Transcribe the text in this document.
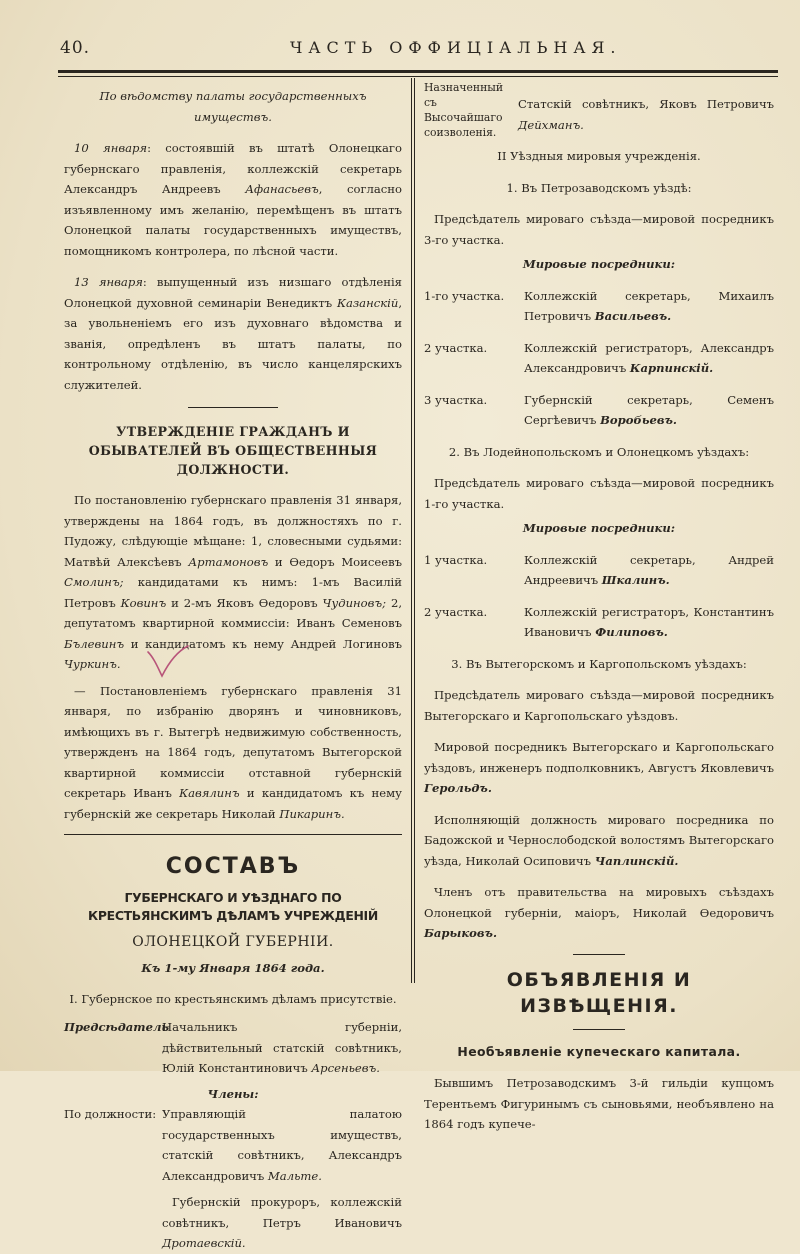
40.	ЧАСТЬ ОФФИЦIАЛЬНАЯ.

По вѣдомству палаты государственныхъ имуществъ.

10 января: состоявшiй въ штатѣ Олонецкаго губернскаго правленiя, коллежскiй секретарь Александръ Андреевъ Афанасьевъ, согласно изъявленному имъ желанiю, перемѣщенъ въ штатъ Олонецкой палаты государственныхъ имуществъ, помощникомъ контролера, по лѣсной части.

13 января: выпущенный изъ низшаго отдѣленiя Олонецкой духовной семинарiи Венедиктъ Казанскiй, за увольненiемъ его изъ духовнаго вѣдомства и званiя, опредѣленъ въ штатъ палаты, по контрольному отдѣленiю, въ число канцелярскихъ служителей.

УТВЕРЖДЕНIЕ ГРАЖДАНЪ И ОБЫВАТЕЛЕЙ ВЪ ОБЩЕСТВЕННЫЯ ДОЛЖНОСТИ.

По постановленiю губернскаго правленiя 31 января, утверждены на 1864 годъ, въ должностяхъ по г. Пудожу, слѣдующiе мѣщане: 1, словесными судьями: Матвѣй Алексѣевъ Артамоновъ и Ѳедоръ Моисеевъ Смолинъ; кандидатами къ нимъ: 1-мъ Василiй Петровъ Ковинъ и 2-мъ Яковъ Ѳедоровъ Чудиновъ; 2, депутатомъ квартирной коммиссiи: Иванъ Семеновъ Бълевинъ и кандидатомъ къ нему Андрей Логиновъ Чуркинъ.

— Постановленiемъ губернскаго правленiя 31 января, по избранiю дворянъ и чиновниковъ, имѣющихъ въ г. Вытегрѣ недвижимую собственность, утвержденъ на 1864 годъ, депутатомъ Вытегорской квартирной коммиссiи отставной губернскiй секретарь Иванъ Кавялинъ и кандидатомъ къ нему губернскiй же секретарь Николай Пикаринъ.

СОСТАВЪ

ГУБЕРНСКАГО И УѢЗДНАГО ПО КРЕСТЬЯНСКИМЪ ДѢЛАМЪ УЧРЕЖДЕНIЙ

ОЛОНЕЦКОЙ ГУБЕРНIИ.

Къ 1-му Января 1864 года.

I. Губернское по крестьянскимъ дѣламъ присутствiе.

Предсѣдатель
Начальникъ губернiи, дѣйствительный статскiй совѣтникъ, Юлiй Константиновичъ Арсеньевъ.

Члены:

По должности: Управляющiй палатою государственныхъ имуществъ, статскiй совѣтникъ, Александръ Александровичъ Мальте.
Губернскiй прокуроръ, коллежскiй совѣтникъ, Петръ Ивановичъ Дротаевскiй.
Назначенный съ Высочайшаго соизволенiя.
Статскiй совѣтникъ, Яковъ Петровичъ Дейхманъ.

II Уѣздныя мировыя учрежденiя.

1. Въ Петрозаводскомъ уѣздѣ:

Предсѣдатель мироваго съѣзда—мировой посредникъ 3-го участка.

Мировые посредники:

1-го участка.	Коллежскiй секретарь, Михаилъ Петровичъ Васильевъ.
2 участка.	Коллежскiй регистраторъ, Александръ Александровичъ Карпинскiй.
3 участка.	Губернскiй секретарь, Семенъ Сергѣевичъ Воробьевъ.

2. Въ Лодейнопольскомъ и Олонецкомъ уѣздахъ:

Предсѣдатель мироваго съѣзда—мировой посредникъ 1-го участка.

Мировые посредники:

1 участка.	Коллежскiй секретарь, Андрей Андреевичъ Шкалинъ.
2 участка.	Коллежскiй регистраторъ, Константинъ Ивановичъ Филиповъ.

3. Въ Вытегорскомъ и Каргопольскомъ уѣздахъ:

Предсѣдатель мироваго съѣзда—мировой посредникъ Вытегорскаго и Каргопольскаго уѣздовъ.

Мировой посредникъ Вытегорскаго и Каргопольскаго уѣздовъ, инженеръ подполковникъ, Августъ Яковлевичъ Герольдъ.

Исполняющiй должность мироваго посредника по Бадожской и Чернослободской волостямъ Вытегорскаго уѣзда, Николай Осиповичъ Чаплинскiй.

Членъ отъ правительства на мировыхъ съѣздахъ Олонецкой губернiи, маiоръ, Николай Ѳедоровичъ Барыковъ.

ОБЪЯВЛЕНIЯ И ИЗВѢЩЕНIЯ.

Необъявленiе купеческаго капитала.

Бывшимъ Петрозаводскимъ 3-й гильдiи купцомъ Терентьемъ Фигуринымъ съ сыновьями, необъявлено на 1864 годъ купече-
